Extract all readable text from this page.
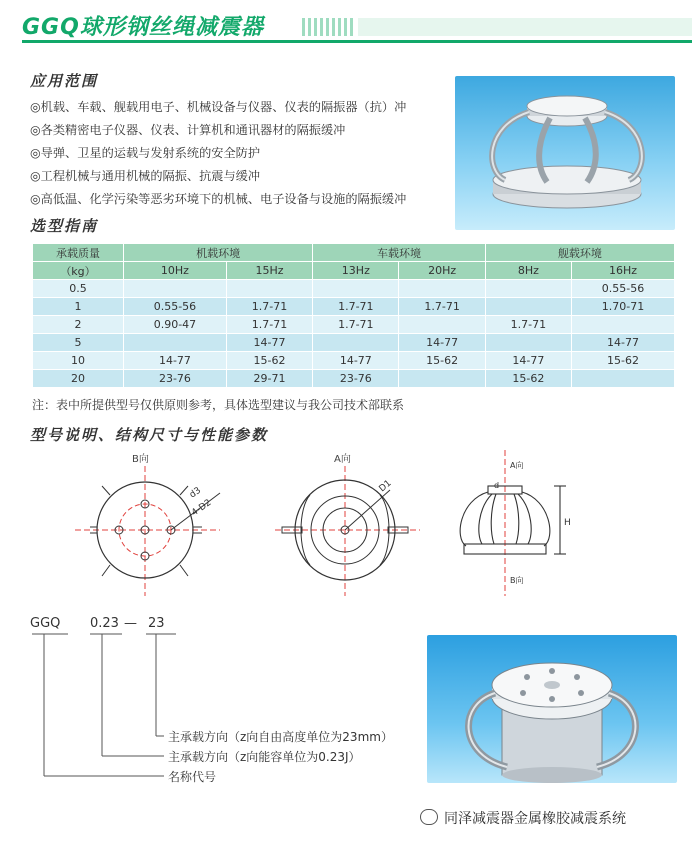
GGQ球形钢丝绳减震器
应用范围
◎机载、车载、舰载用电子、机械设备与仪器、仪表的隔振器（抗）冲
◎各类精密电子仪器、仪表、计算机和通讯器材的隔振缓冲
◎导弹、卫星的运载与发射系统的安全防护
◎工程机械与通用机械的隔振、抗震与缓冲
◎高低温、化学污染等恶劣环境下的机械、电子设备与设施的隔振缓冲
选型指南
承载质量	机载环境		车载环境		舰载环境	
（kg）	10Hz	15Hz	13Hz	20Hz	8Hz	16Hz
0.5						0.55-56
1	0.55-56	1.7-71	1.7-71	1.7-71		1.70-71
2	0.90-47	1.7-71	1.7-71		1.7-71	
5		14-77		14-77		14-77
10	14-77	15-62	14-77	15-62	14-77	15-62
20	23-76	29-71	23-76		15-62	
注：表中所提供型号仅供原则参考，具体选型建议与我公司技术部联系
型号说明、结构尺寸与性能参数
B向
d3
4-D2
A向
D1
A向
B向
d
H
GGQ 0.23 — 23
主承载方向（z向自由高度单位为23mm）
主承载方向（z向能容单位为0.23J）
名称代号
同泽减震器金属橡胶减震系统
